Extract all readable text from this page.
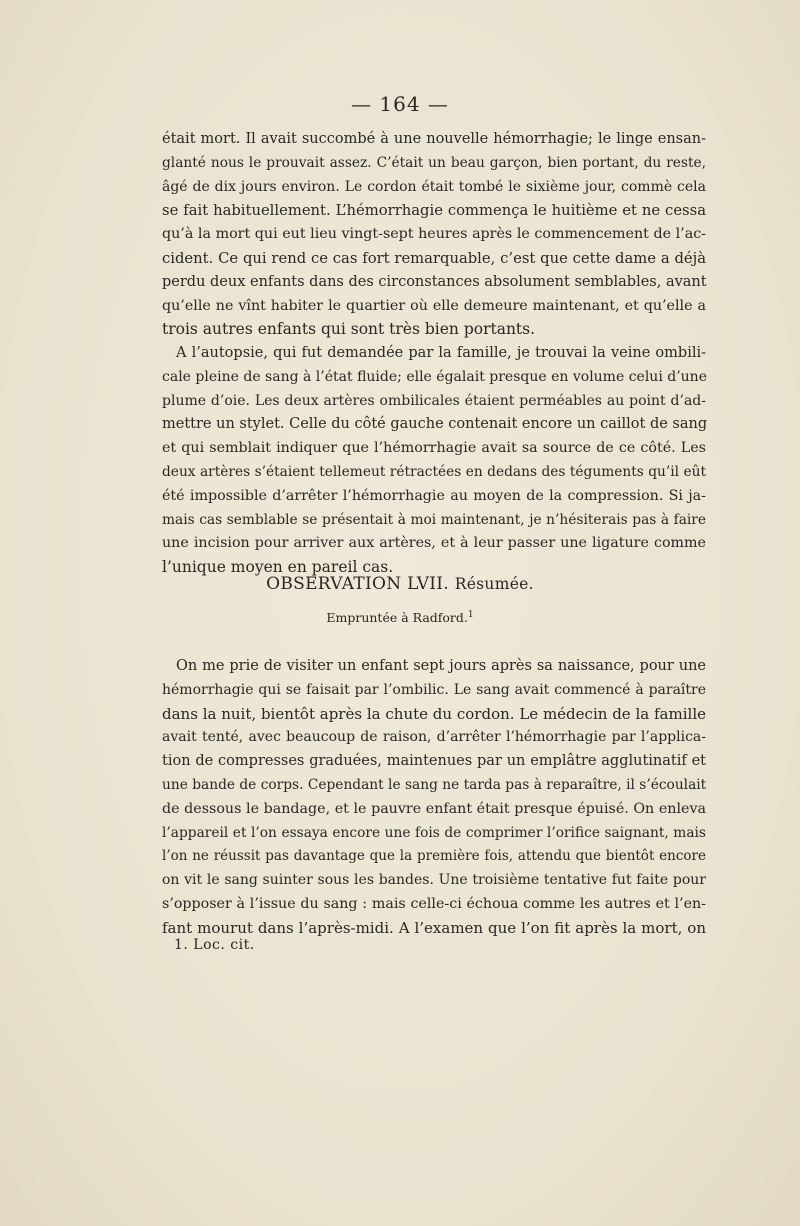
— 164 —
était mort. Il avait succombé à une nouvelle hémorrhagie; le linge ensan-
glanté nous le prouvait assez. C’était un beau garçon, bien portant, du reste,
âgé de dix jours environ. Le cordon était tombé le sixième jour, commè cela
se fait habituellement. L’hémorrhagie commença le huitième et ne cessa
qu’à la mort qui eut lieu vingt-sept heures après le commencement de l’ac-
cident. Ce qui rend ce cas fort remarquable, c’est que cette dame a déjà
perdu deux enfants dans des circonstances absolument semblables, avant
qu’elle ne vînt habiter le quartier où elle demeure maintenant, et qu’elle a
trois autres enfants qui sont très bien portants.
A l’autopsie, qui fut demandée par la famille, je trouvai la veine ombili-
cale pleine de sang à l’état fluide; elle égalait presque en volume celui d’une
plume d’oie. Les deux artères ombilicales étaient perméables au point d’ad-
mettre un stylet. Celle du côté gauche contenait encore un caillot de sang
et qui semblait indiquer que l’hémorrhagie avait sa source de ce côté. Les
deux artères s’étaient tellemeut rétractées en dedans des téguments qu’il eût
été impossible d’arrêter l’hémorrhagie au moyen de la compression. Si ja-
mais cas semblable se présentait à moi maintenant, je n’hésiterais pas à faire
une incision pour arriver aux artères, et à leur passer une ligature comme
l’unique moyen en pareil cas.
OBSERVATION LVII. Résumée.
Empruntée à Radford.$^1$
On me prie de visiter un enfant sept jours après sa naissance, pour une
hémorrhagie qui se faisait par l’ombilic. Le sang avait commencé à paraître
dans la nuit, bientôt après la chute du cordon. Le médecin de la famille
avait tenté, avec beaucoup de raison, d’arrêter l’hémorrhagie par l’applica-
tion de compresses graduées, maintenues par un emplâtre agglutinatif et
une bande de corps. Cependant le sang ne tarda pas à reparaître, il s’écoulait
de dessous le bandage, et le pauvre enfant était presque épuisé. On enleva
l’appareil et l’on essaya encore une fois de comprimer l’orifice saignant, mais
l’on ne réussit pas davantage que la première fois, attendu que bientôt encore
on vit le sang suinter sous les bandes. Une troisième tentative fut faite pour
s’opposer à l’issue du sang : mais celle-ci échoua comme les autres et l’en-
fant mourut dans l’après-midi. A l’examen que l’on fit après la mort, on
1. Loc. cit.
